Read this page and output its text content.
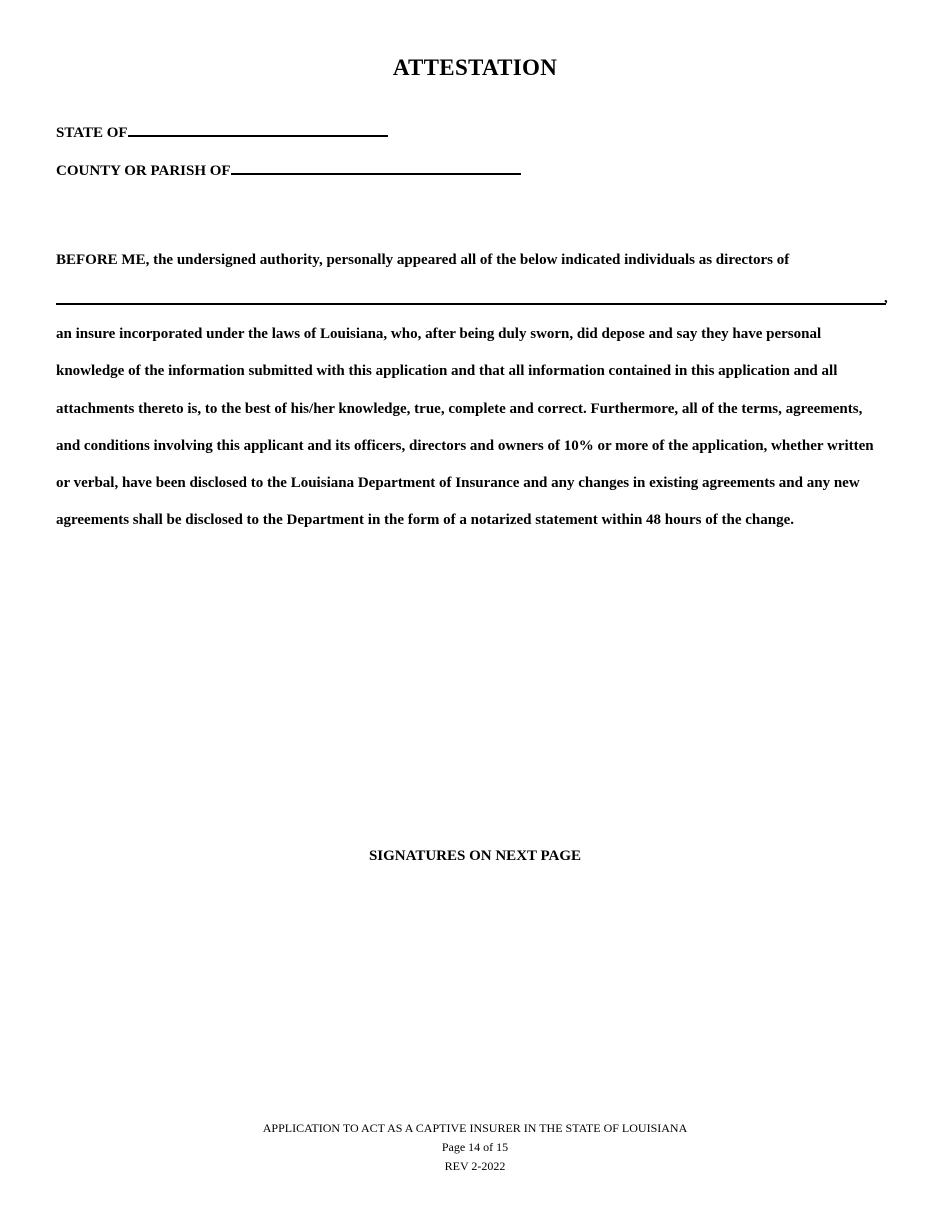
ATTESTATION
STATE OF
COUNTY OR PARISH OF
BEFORE ME, the undersigned authority, personally appeared all of the below indicated individuals as directors of
,
an insure incorporated under the laws of Louisiana, who, after being duly sworn, did depose and say they have personal
knowledge of the information submitted with this application and that all information contained in this application and all
attachments thereto is, to the best of his/her knowledge, true, complete and correct. Furthermore, all of the terms, agreements,
and conditions involving this applicant and its officers, directors and owners of 10% or more of the application, whether written
or verbal, have been disclosed to the Louisiana Department of Insurance and any changes in existing agreements and any new
agreements shall be disclosed to the Department in the form of a notarized statement within 48 hours of the change.
SIGNATURES ON NEXT PAGE
APPLICATION TO ACT AS A CAPTIVE INSURER IN THE STATE OF LOUISIANA
Page 14 of 15
REV 2-2022
